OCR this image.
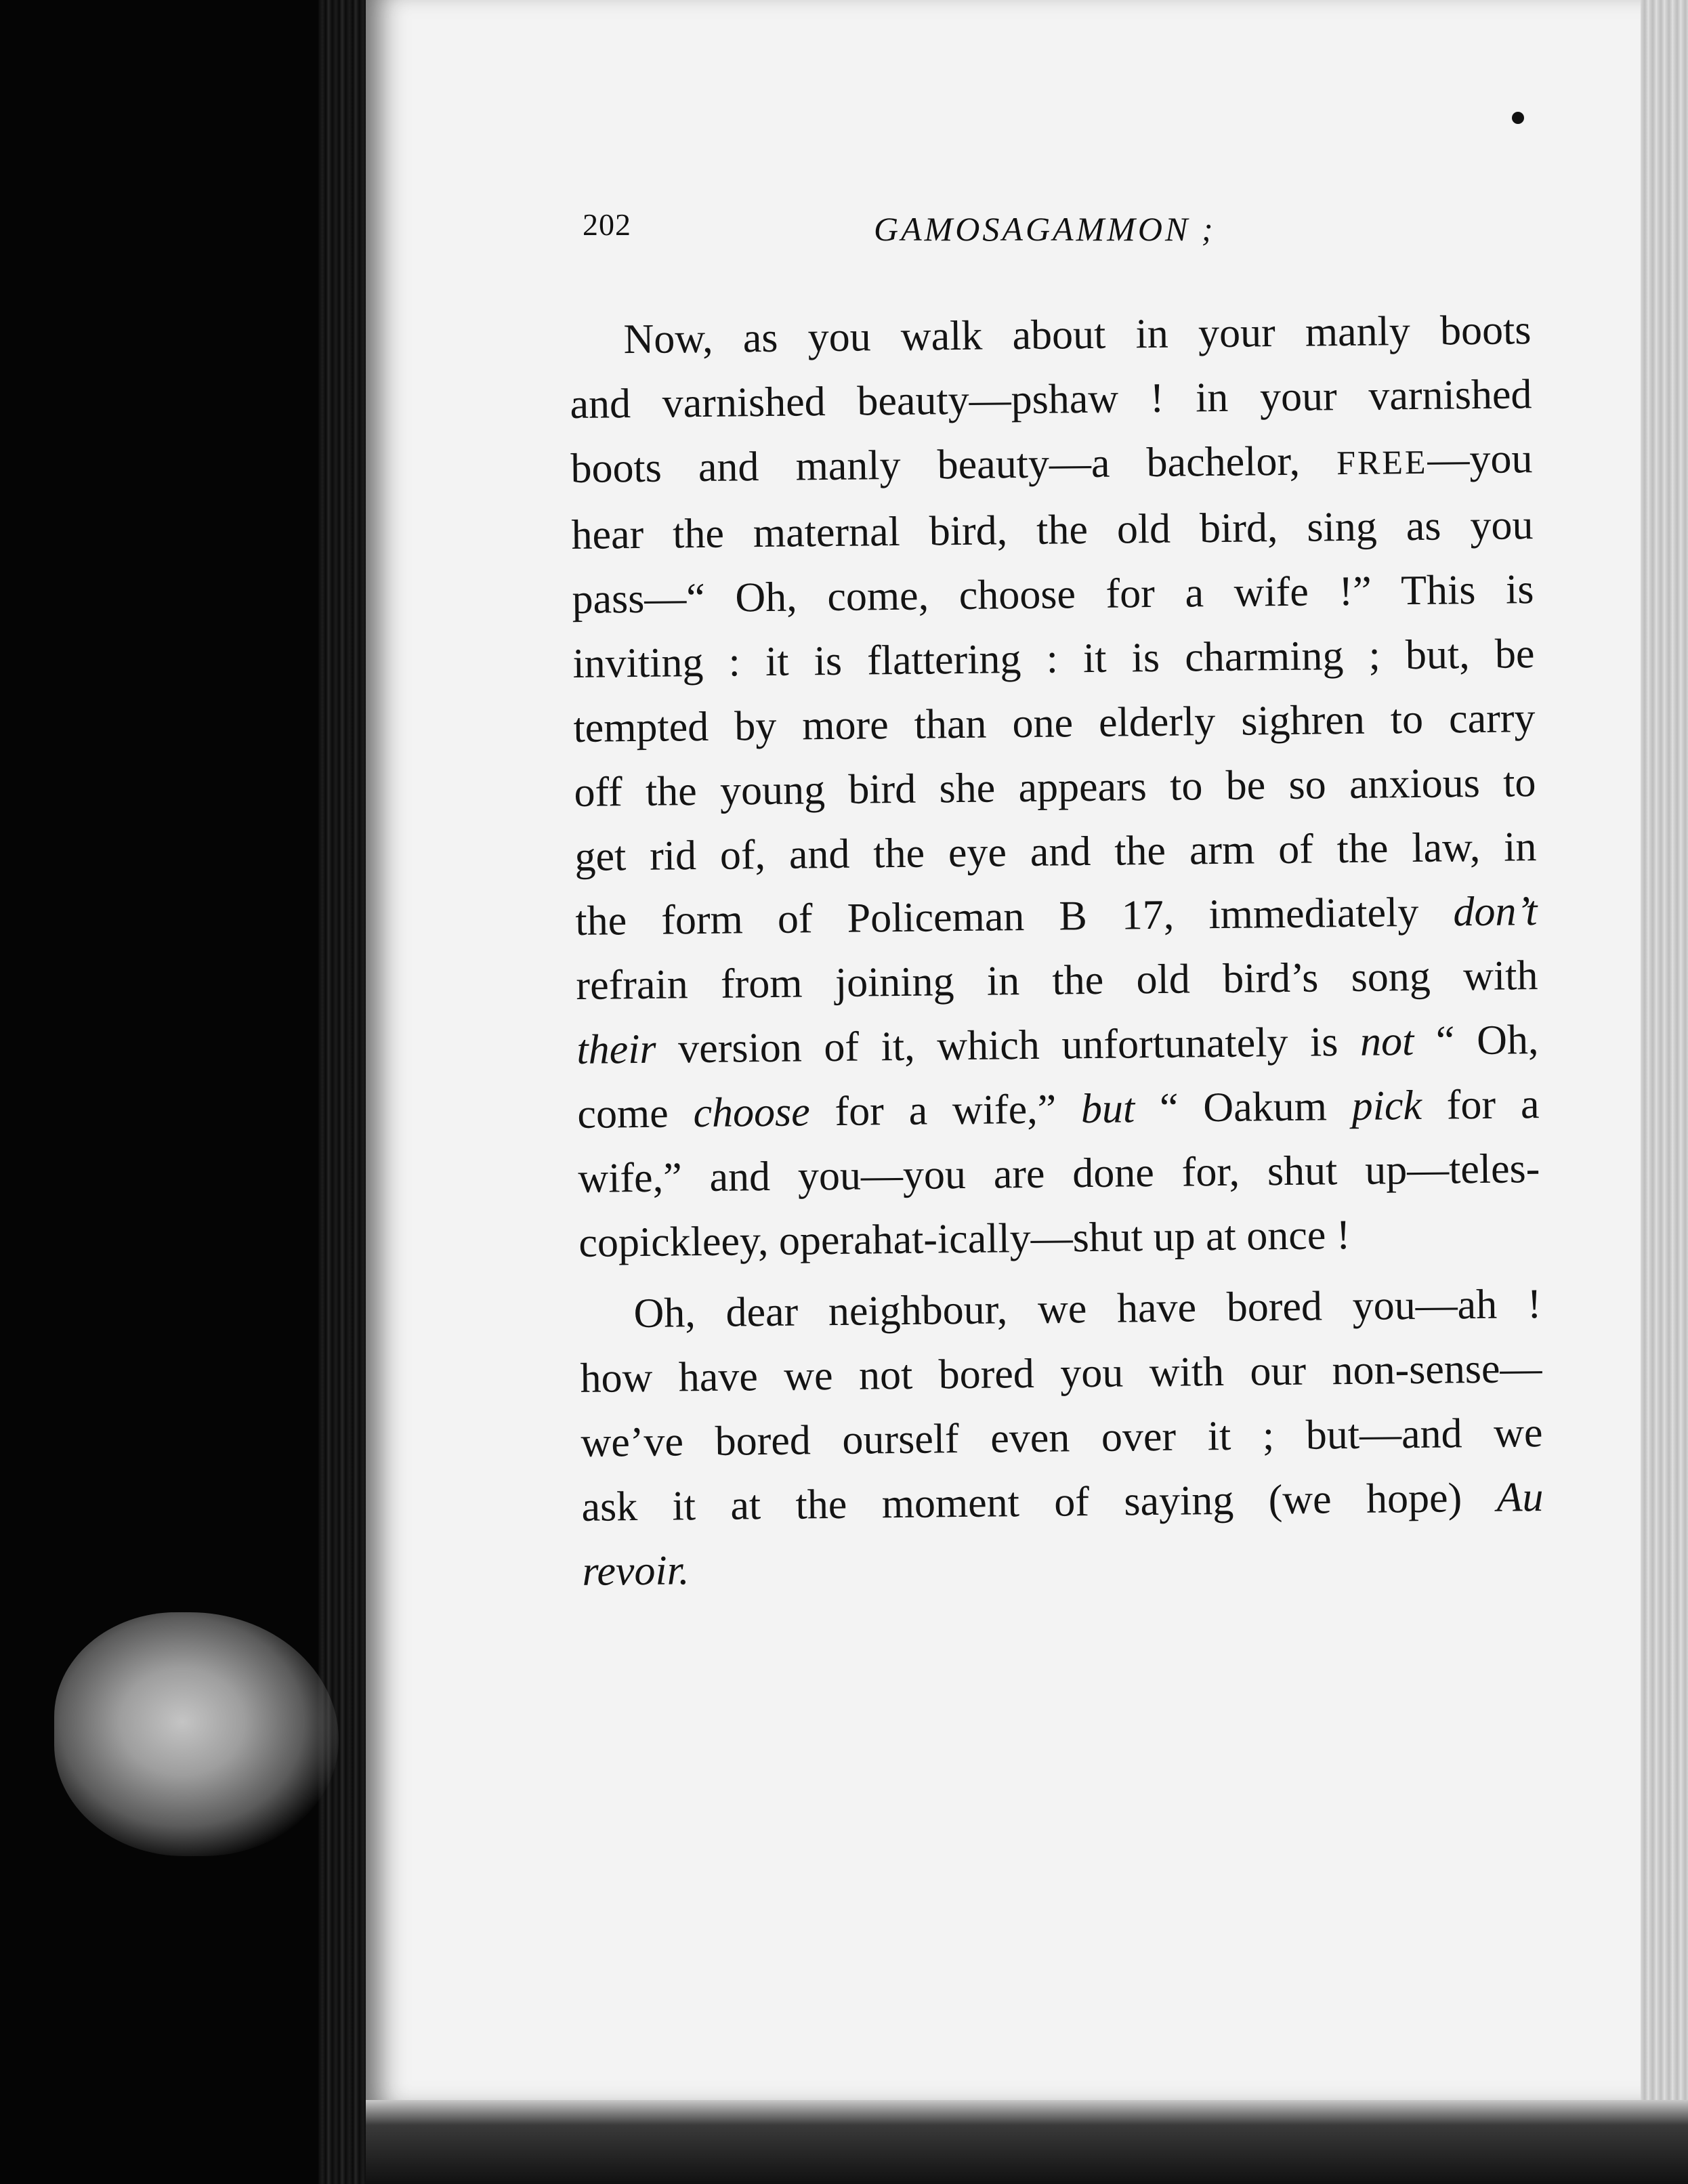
202	GAMOSAGAMMON ;
Now, as you walk about in your manly boots
and varnished beauty—pshaw ! in your varnished
boots and manly beauty—a bachelor, FREE—you
hear the maternal bird, the old bird, sing as you
pass—“ Oh, come, choose for a wife !” This is
inviting : it is flattering : it is charming ; but, be
tempted by more than one elderly sighren to carry
off the young bird she appears to be so anxious to
get rid of, and the eye and the arm of the law, in
the form of Policeman B 17, immediately don’t
refrain from joining in the old bird’s song with
their version of it, which unfortunately is not “ Oh,
come choose for a wife,” but “ Oakum pick for a
wife,” and you—you are done for, shut up—teles-
copickleey, operahat-ically—shut up at once !
Oh, dear neighbour, we have bored you—ah !
how have we not bored you with our non-sense—
we’ve bored ourself even over it ; but—and we
ask it at the moment of saying (we hope) Au
revoir.
